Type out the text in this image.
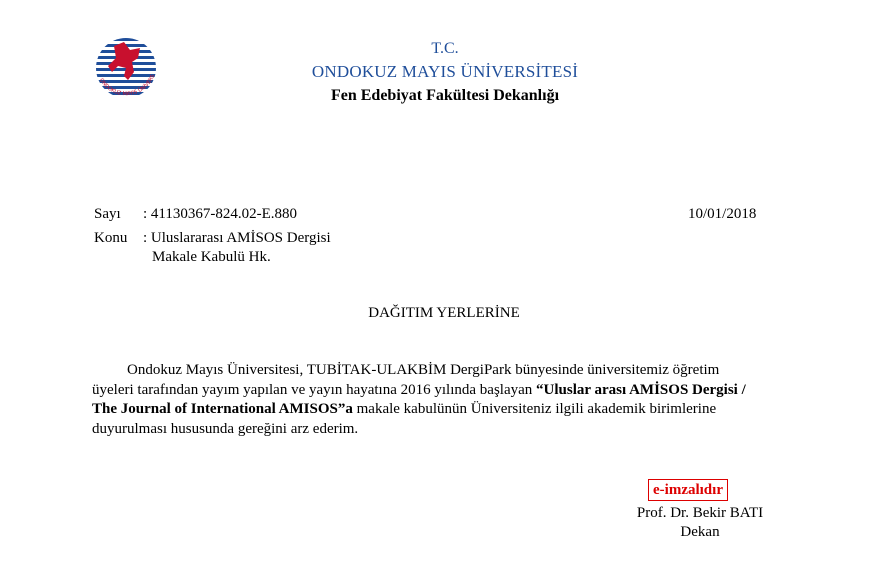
ONDOKUZ MAYIS ÜNİVERS
T.C.
ONDOKUZ MAYIS ÜNİVERSİTESİ
Fen Edebiyat Fakültesi Dekanlığı
Sayı : 41130367-824.02-E.880	10/01/2018
Konu : Uluslararası AMİSOS Dergisi
Makale Kabulü Hk.
DAĞITIM YERLERİNE
Ondokuz Mayıs Üniversitesi, TUBİTAK-ULAKBİM DergiPark bünyesinde üniversitemiz öğretim üyeleri tarafından yayım yapılan ve yayın hayatına 2016 yılında başlayan “Uluslar arası AMİSOS Dergisi / The Journal of International AMISOS”a makale kabulünün Üniversiteniz ilgili akademik birimlerine duyurulması hususunda gereğini arz ederim.
e-imzalıdır
Prof. Dr. Bekir BATI
Dekan
